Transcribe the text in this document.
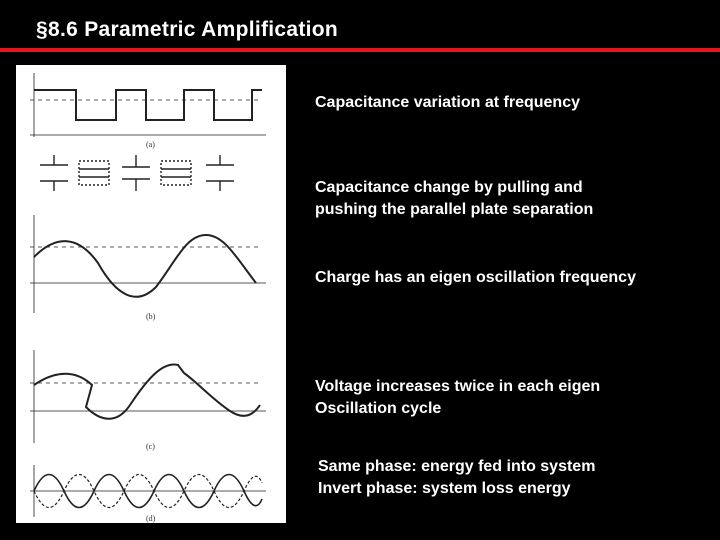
§8.6 Parametric Amplification
(a)
(b)
(c)
(d)
Capacitance variation at frequency
Capacitance change by pulling and
pushing the parallel plate separation
Charge has an eigen oscillation frequency
Voltage increases twice in each eigen
Oscillation cycle
Same phase: energy fed into system
Invert phase: system loss energy
